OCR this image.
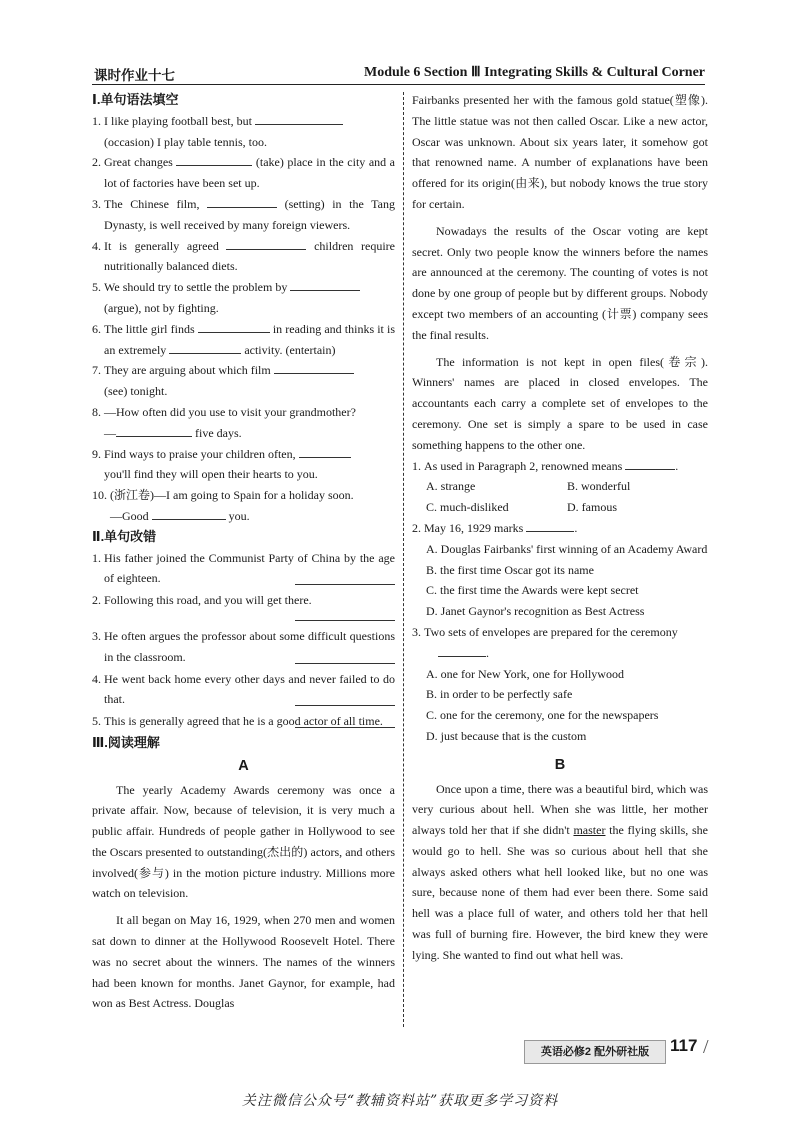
课时作业十七	Module 6 Section Ⅲ Integrating Skills & Cultural Corner

Ⅰ.单句语法填空

1. I like playing football best, but
(occasion) I play table tennis, too.
2. Great changes	(take) place in the city and a lot of factories have been set up.
3. The Chinese film,	(setting) in the Tang Dynasty, is well received by many foreign viewers.
4. It is generally agreed	children require nutritionally balanced diets.
5. We should try to settle the problem by
(argue), not by fighting.
6. The little girl finds	in reading and thinks it is an extremely	activity. (entertain)
7. They are arguing about which film
(see) tonight.
8. —How often did you use to visit your grandmother?
—	five days.
9. Find ways to praise your children often,
you'll find they will open their hearts to you.
10. (浙江卷)—I am going to Spain for a holiday soon.
—Good	you.

Ⅱ.单句改错

1. His father joined the Communist Party of China by the age of eighteen.
2. Following this road, and you will get there.
3. He often argues the professor about some difficult questions in the classroom.
4. He went back home every other days and never failed to do that.
5. This is generally agreed that he is a good actor of all time.

Ⅲ.阅读理解

A

The yearly Academy Awards ceremony was once a private affair. Now, because of television, it is very much a public affair. Hundreds of people gather in Hollywood to see the Oscars presented to outstanding(杰出的) actors, and others involved(参与) in the motion picture industry. Millions more watch on television.

It all began on May 16, 1929, when 270 men and women sat down to dinner at the Hollywood Roosevelt Hotel. There was no secret about the winners. The names of the winners had been known for months. Janet Gaynor, for example, had won as Best Actress. Douglas

Fairbanks presented her with the famous gold statue(塑像). The little statue was not then called Oscar. Like a new actor, Oscar was unknown. About six years later, it somehow got that renowned name. A number of explanations have been offered for its origin(由来), but nobody knows the true story for certain.

Nowadays the results of the Oscar voting are kept secret. Only two people know the winners before the names are announced at the ceremony. The counting of votes is not done by one group of people but by different groups. Nobody except two members of an accounting (计票) company sees the final results.

The information is not kept in open files(卷宗). Winners' names are placed in closed envelopes. The accountants each carry a complete set of envelopes to the ceremony. One set is simply a spare to be used in case something happens to the other one.

1. As used in Paragraph 2, renowned means	.
A. strange	B. wonderful
C. much-disliked	D. famous
2. May 16, 1929 marks	.
A. Douglas Fairbanks' first winning of an Academy Award
B. the first time Oscar got its name
C. the first time the Awards were kept secret
D. Janet Gaynor's recognition as Best Actress
3. Two sets of envelopes are prepared for the ceremony
.
A. one for New York, one for Hollywood
B. in order to be perfectly safe
C. one for the ceremony, one for the newspapers
D. just because that is the custom
B

Once upon a time, there was a beautiful bird, which was very curious about hell. When she was little, her mother always told her that if she didn't master the flying skills, she would go to hell. She was so curious about hell that she always asked others what hell looked like, but no one was sure, because none of them had ever been there. Some said hell was a place full of water, and others told her that hell was full of burning fire. However, the bird knew they were lying. She wanted to find out what hell was.

英语必修2 配外研社版	117 /
关注微信公众号“教辅资料站”获取更多学习资料
